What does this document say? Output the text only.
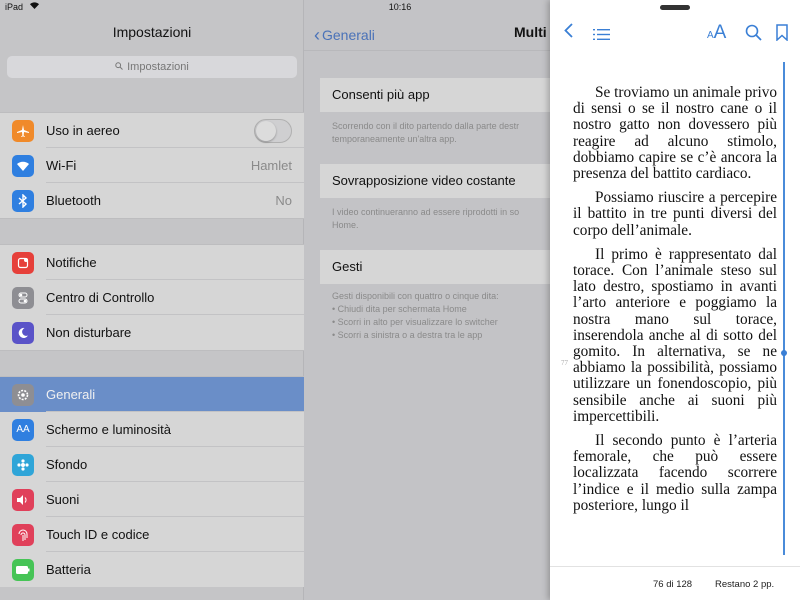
iPad	10:16
Impostazioni
Impostazioni
Uso in aereo
Wi-Fi	Hamlet
Bluetooth	No
Notifiche
Centro di Controllo
Non disturbare
Generali
AA	Schermo e luminosità
Sfondo
Suoni
Touch ID e codice
Batteria
‹ Generali	Multi
Consenti più app
Scorrendo con il dito partendo dalla parte destr
temporaneamente un'altra app.
Sovrapposizione video costante
I video continueranno ad essere riprodotti in so
Home.
Gesti
Gesti disponibili con quattro o cinque dita:
• Chiudi dita per schermata Home
• Scorri in alto per visualizzare lo switcher
• Scorri a sinistra o a destra tra le app
AA

Se troviamo un animale privo di sensi o se il nostro cane o il nostro gatto non dovessero più reagire ad alcuno stimolo, dobbiamo capire se c’è ancora la presenza del battito cardiaco.

Possiamo riuscire a percepire il battito in tre punti diversi del corpo dell’animale.

Il primo è rappresentato dal torace. Con l’animale steso sul lato destro, spostiamo in avanti l’arto anteriore e poggiamo la nostra mano sul torace, inserendola anche al di sotto del gomito. In alternativa, se ne abbiamo la possibilità, possiamo utilizzare un fonendoscopio, più sensibile anche ai suoni più impercettibili.

Il secondo punto è l’arteria femorale, che può essere localizzata facendo scorrere l’indice e il medio sulla zampa posteriore, lungo il

77
76 di 128 Restano 2 pp.
